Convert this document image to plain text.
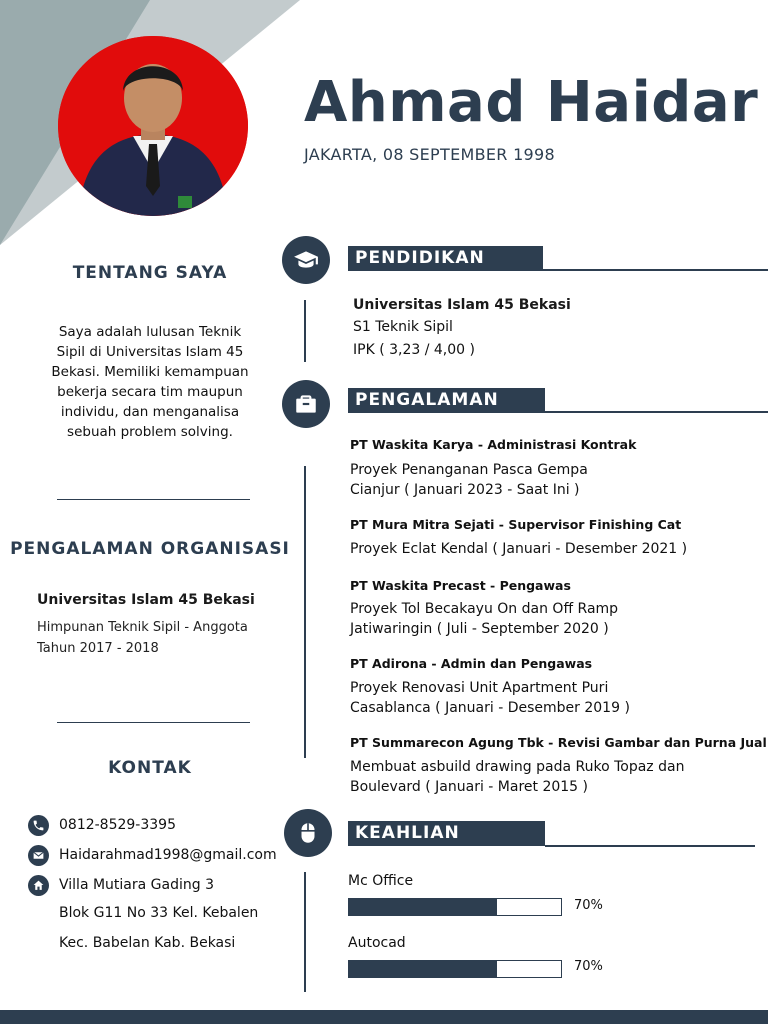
Ahmad Haidar
JAKARTA, 08 SEPTEMBER 1998
TENTANG SAYA
Saya adalah lulusan Teknik Sipil di Universitas Islam 45 Bekasi. Memiliki kemampuan bekerja secara tim maupun individu, dan menganalisa sebuah problem solving.
PENGALAMAN ORGANISASI
Universitas Islam 45 Bekasi
Himpunan Teknik Sipil - Anggota
Tahun 2017 - 2018
KONTAK
0812-8529-3395
Haidarahmad1998@gmail.com
Villa Mutiara Gading 3
Blok G11 No 33 Kel. Kebalen
Kec. Babelan Kab. Bekasi
PENDIDIKAN
Universitas Islam 45 Bekasi
S1 Teknik Sipil
IPK ( 3,23 / 4,00 )
PENGALAMAN
PT Waskita Karya - Administrasi Kontrak
Proyek Penanganan Pasca Gempa
Cianjur ( Januari 2023 - Saat Ini )
PT Mura Mitra Sejati - Supervisor Finishing Cat
Proyek Eclat Kendal ( Januari - Desember 2021 )
PT Waskita Precast - Pengawas
Proyek Tol Becakayu On dan Off Ramp
Jatiwaringin ( Juli - September 2020 )
PT Adirona - Admin dan Pengawas
Proyek Renovasi Unit Apartment Puri
Casablanca ( Januari - Desember 2019 )
PT Summarecon Agung Tbk - Revisi Gambar dan Purna Jual
Membuat asbuild drawing pada Ruko Topaz dan
Boulevard ( Januari - Maret 2015 )
KEAHLIAN
Mc Office
70%
Autocad
70%
